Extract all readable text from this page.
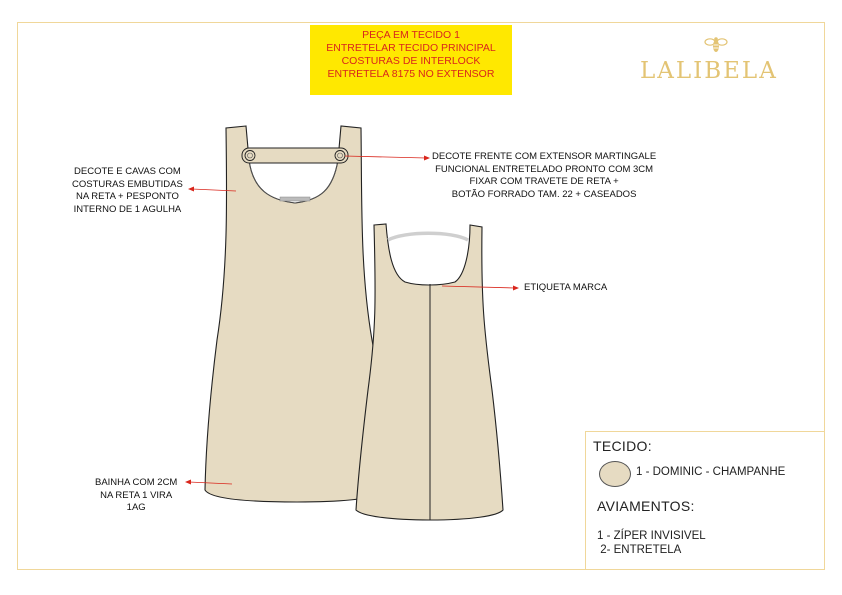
PEÇA EM TECIDO 1
ENTRETELAR TECIDO PRINCIPAL
COSTURAS DE INTERLOCK
ENTRETELA 8175 NO EXTENSOR	LALIBELA
DECOTE E CAVAS COM
COSTURAS EMBUTIDAS
NA RETA + PESPONTO
INTERNO DE 1 AGULHA
DECOTE FRENTE COM EXTENSOR MARTINGALE
FUNCIONAL ENTRETELADO PRONTO COM 3CM
FIXAR COM TRAVETE DE RETA +
BOTÃO FORRADO TAM. 22 + CASEADOS
ETIQUETA MARCA
BAINHA COM 2CM
NA RETA 1 VIRA
1AG
TECIDO:
1 - DOMINIC - CHAMPANHE
AVIAMENTOS:
1 - ZÍPER INVISIVEL
2- ENTRETELA
